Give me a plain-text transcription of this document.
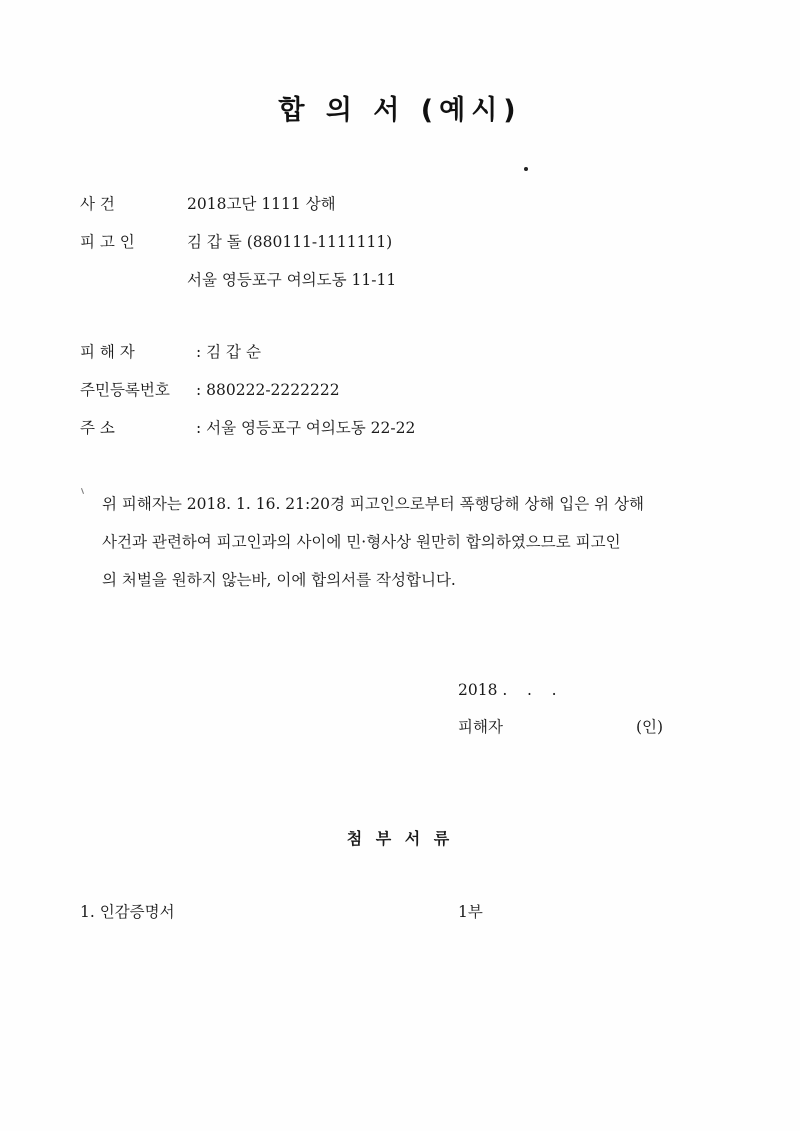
합 의 서 (예시)
사 건	2018고단 1111 상해
피 고 인	김 갑 돌 (880111-1111111)
서울 영등포구 여의도동 11-11
피 해 자	: 김 갑 순
주민등록번호 : 880222-2222222
주 소	: 서울 영등포구 여의도동 22-22

위 피해자는 2018. 1. 16. 21:20경 피고인으로부터 폭행당해 상해 입은 위 상해

사건과 관련하여 피고인과의 사이에 민·형사상 원만히 합의하였으므로 피고인

의 처벌을 원하지 않는바, 이에 합의서를 작성합니다.

2018 .    .    .
피해자	(인)
첨 부 서 류
1. 인감증명서	1부
